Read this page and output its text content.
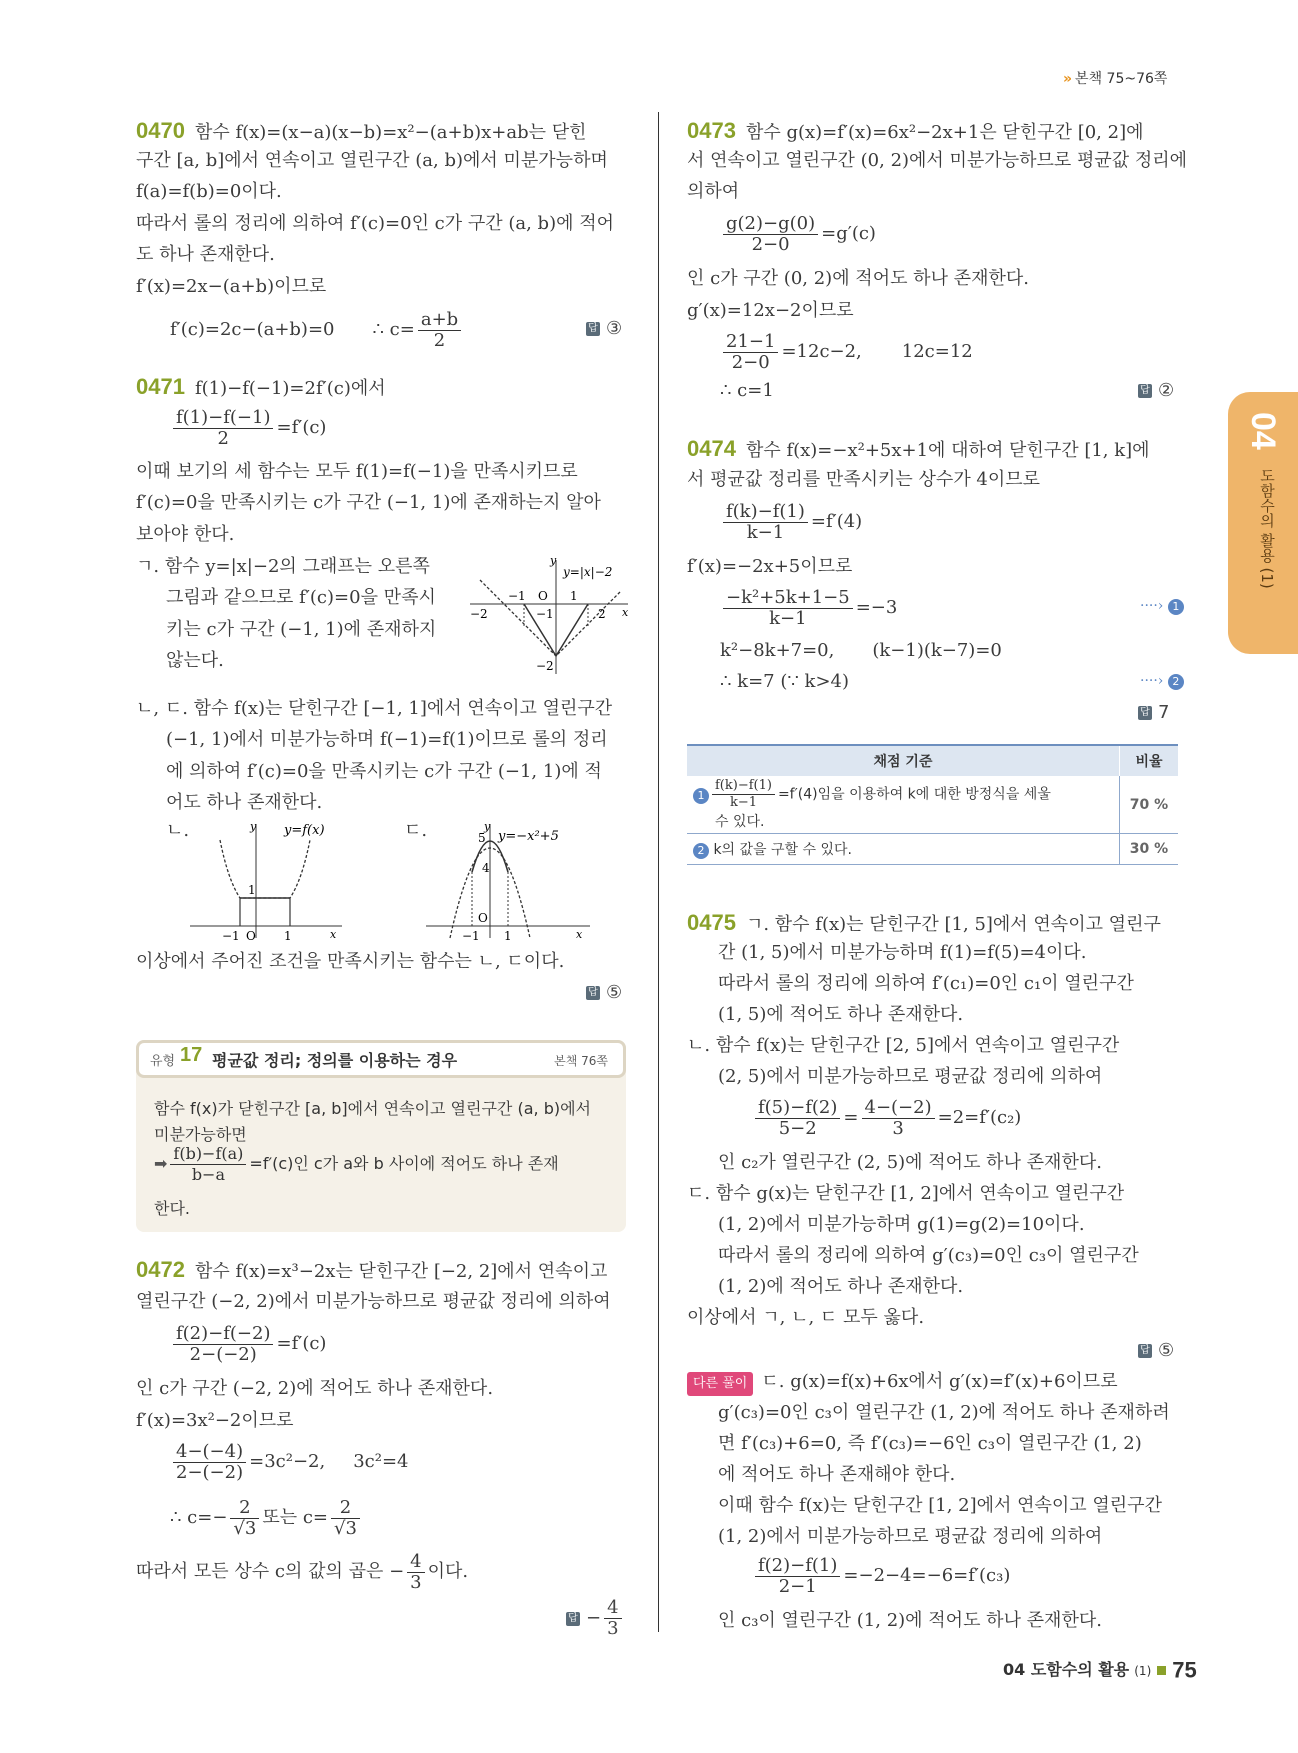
» 본책 75~76쪽
04
도함수의 활용 (1)
0470 함수 f(x)=(x−a)(x−b)=x²−(a+b)x+ab는 닫힌
구간 [a, b]에서 연속이고 열린구간 (a, b)에서 미분가능하며
f(a)=f(b)=0이다.
따라서 롤의 정리에 의하여 f′(c)=0인 c가 구간 (a, b)에 적어
도 하나 존재한다.
f′(x)=2x−(a+b)이므로
f′(c)=2c−(a+b)=0 ∴ $c= \frac{a+b}{2}$	답 ③
0471 f(1)−f(−1)=2f′(c)에서
$\frac{f(1)-f(-1)}{2} =f'(c)$
이때 보기의 세 함수는 모두 f(1)=f(−1)을 만족시키므로
f′(c)=0을 만족시키는 c가 구간 (−1, 1)에 존재하는지 알아
보아야 한다.
ㄱ. 함수 y=|x|−2의 그래프는 오른쪽
그림과 같으므로 f′(c)=0을 만족시
키는 c가 구간 (−1, 1)에 존재하지
않는다.
y
x
y=|x|−2
−1 O 1
−2	−1	2
−2
ㄴ, ㄷ. 함수 f(x)는 닫힌구간 [−1, 1]에서 연속이고 열린구간
(−1, 1)에서 미분가능하며 f(−1)=f(1)이므로 롤의 정리
에 의하여 f′(c)=0을 만족시키는 c가 구간 (−1, 1)에 적
어도 하나 존재한다.
ㄴ.	y
x
y=f(x)
1
−1 O 1
ㄷ.	y
x
y=−x²+5
5
4
O
−1 1
이상에서 주어진 조건을 만족시키는 함수는 ㄴ, ㄷ이다.
답 ⑤
유형 17 평균값 정리; 정의를 이용하는 경우	본책 76쪽
함수 f(x)가 닫힌구간 [a, b]에서 연속이고 열린구간 (a, b)에서
미분가능하면
➡ $\frac{f(b)-f(a)}{b-a} =f'(c)$인 c가 a와 b 사이에 적어도 하나 존재
한다.
0472 함수 f(x)=x³−2x는 닫힌구간 [−2, 2]에서 연속이고
열린구간 (−2, 2)에서 미분가능하므로 평균값 정리에 의하여
$\frac{f(2)-f(-2)}{2-(-2)} =f'(c)$
인 c가 구간 (−2, 2)에 적어도 하나 존재한다.
f′(x)=3x²−2이므로
$\frac{4-(-4)}{2-(-2)} =3c^2-2$, 3c²=4
∴ $c=- \frac{2}{√3}$ 또는 $c= \frac{2}{√3}$
따라서 모든 상수 c의 값의 곱은 − $\frac{4}{3}$ 이다.
답 − $\frac{4}{3}$
0473 함수 g(x)=f′(x)=6x²−2x+1은 닫힌구간 [0, 2]에
서 연속이고 열린구간 (0, 2)에서 미분가능하므로 평균값 정리에
의하여
$\frac{g(2)-g(0)}{2-0} =g'(c)$
인 c가 구간 (0, 2)에 적어도 하나 존재한다.
g′(x)=12x−2이므로
$\frac{21-1}{2-0} =12c-2$, 12c=12
∴ c=1	답 ②
0474 함수 f(x)=−x²+5x+1에 대하여 닫힌구간 [1, k]에
서 평균값 정리를 만족시키는 상수가 4이므로
$\frac{f(k)-f(1)}{k-1} =f'(4)$
f′(x)=−2x+5이므로
$\frac{\text{−k²+5k+1−5}}{k-1} =-3$	····› 1
k²−8k+7=0, (k−1)(k−7)=0
∴ k=7 (∵ k>4)	····› 2
답 7
채점 기준	비율
$1 \frac{f(k)-f(1)}{k-1} =f'(4)$임을 이용하여 k에 대한 방정식을 세울
수 있다.	70 %
2 k의 값을 구할 수 있다.	30 %
0475 ㄱ. 함수 f(x)는 닫힌구간 [1, 5]에서 연속이고 열린구
간 (1, 5)에서 미분가능하며 f(1)=f(5)=4이다.
따라서 롤의 정리에 의하여 f′(c₁)=0인 c₁이 열린구간
(1, 5)에 적어도 하나 존재한다.
ㄴ. 함수 f(x)는 닫힌구간 [2, 5]에서 연속이고 열린구간
(2, 5)에서 미분가능하므로 평균값 정리에 의하여
$\frac{f(5)-f(2)}{5-2} = \frac{4-(-2)}{3} =2=f'(c_2)$
인 c₂가 열린구간 (2, 5)에 적어도 하나 존재한다.
ㄷ. 함수 g(x)는 닫힌구간 [1, 2]에서 연속이고 열린구간
(1, 2)에서 미분가능하며 g(1)=g(2)=10이다.
따라서 롤의 정리에 의하여 g′(c₃)=0인 c₃이 열린구간
(1, 2)에 적어도 하나 존재한다.
이상에서 ㄱ, ㄴ, ㄷ 모두 옳다.
답 ⑤
다른 풀이 ㄷ. g(x)=f(x)+6x에서 g′(x)=f′(x)+6이므로
g′(c₃)=0인 c₃이 열린구간 (1, 2)에 적어도 하나 존재하려
면 f′(c₃)+6=0, 즉 f′(c₃)=−6인 c₃이 열린구간 (1, 2)
에 적어도 하나 존재해야 한다.
이때 함수 f(x)는 닫힌구간 [1, 2]에서 연속이고 열린구간
(1, 2)에서 미분가능하므로 평균값 정리에 의하여
$\frac{f(2)-f(1)}{2-1} =-2-4=-6=f'(c_3)$
인 c₃이 열린구간 (1, 2)에 적어도 하나 존재한다.
04 도함수의 활용 (1) 75
